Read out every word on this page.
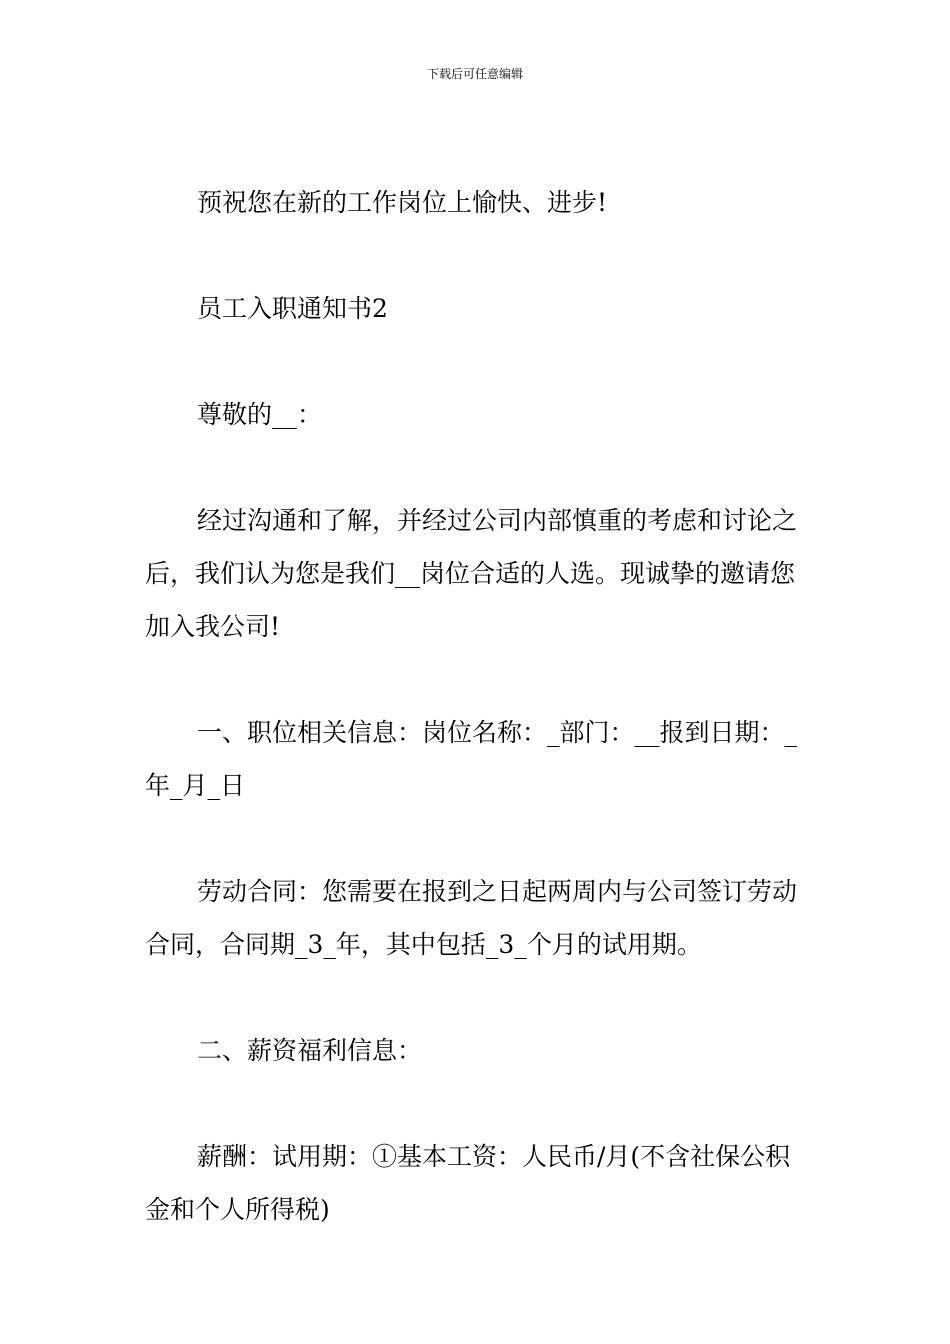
下载后可任意编辑

预祝您在新的工作岗位上愉快、进步!

员工入职通知书2

尊敬的__：

经过沟通和了解，并经过公司内部慎重的考虑和讨论之后，我们认为您是我们__岗位合适的人选。现诚挚的邀请您加入我公司!

一、职位相关信息：岗位名称：_部门：__报到日期：_年_月_日

劳动合同：您需要在报到之日起两周内与公司签订劳动合同，合同期_3_年，其中包括_3_个月的试用期。

二、薪资福利信息：

薪酬：试用期：①基本工资：人民币/月(不含社保公积金和个人所得税)
